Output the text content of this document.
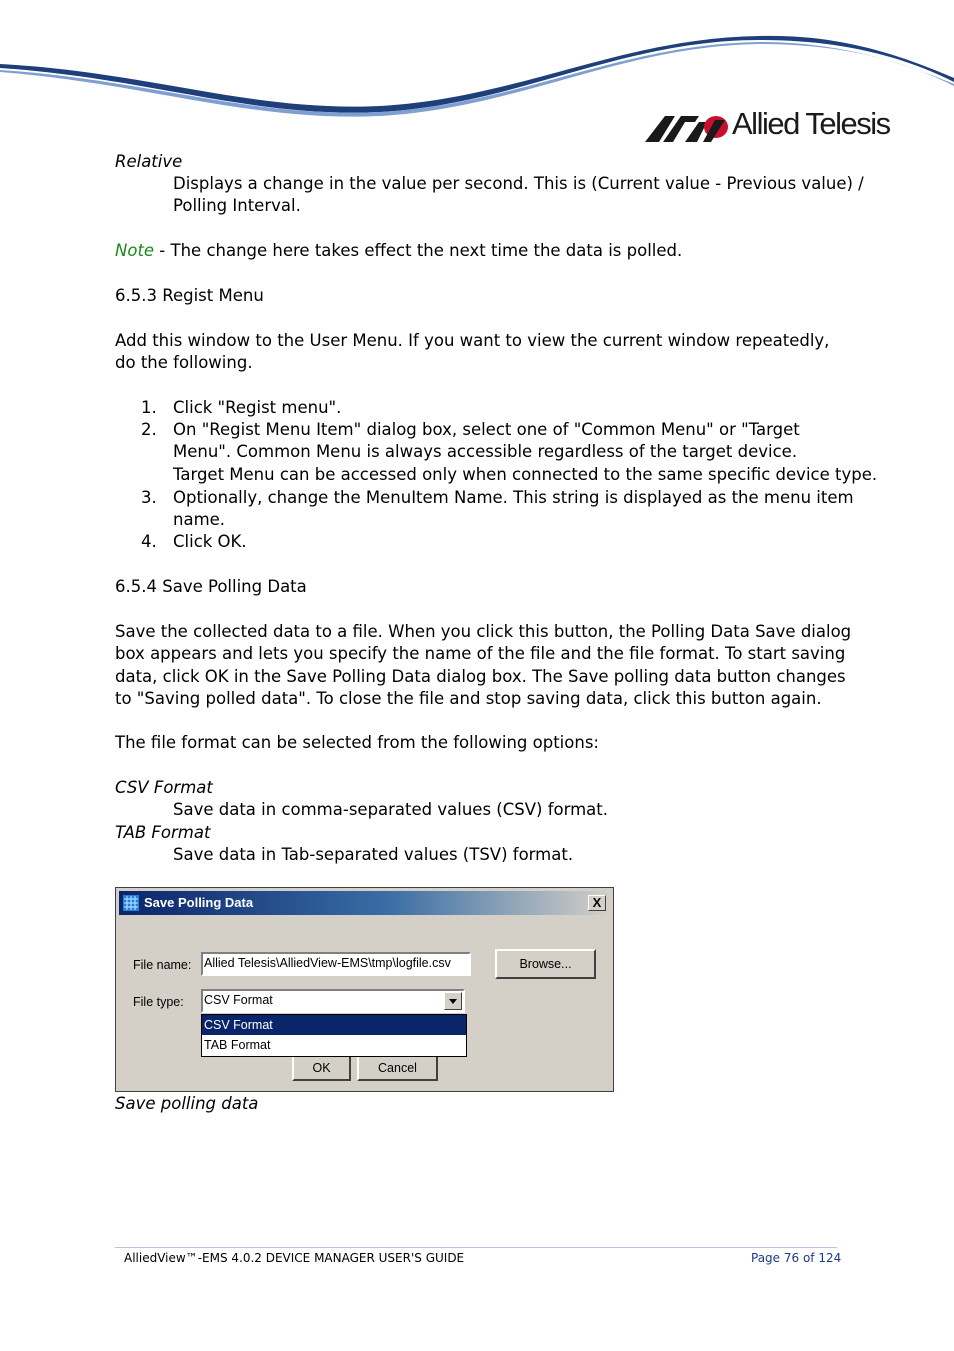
Allied Telesis
Relative
Displays a change in the value per second. This is (Current value - Previous value) /
Polling Interval.
Note - The change here takes effect the next time the data is polled.
6.5.3 Regist Menu
Add this window to the User Menu. If you want to view the current window repeatedly,
do the following.
1. Click "Regist menu".
2. On "Regist Menu Item" dialog box, select one of "Common Menu" or "Target
Menu". Common Menu is always accessible regardless of the target device.
Target Menu can be accessed only when connected to the same specific device type.
3. Optionally, change the MenuItem Name. This string is displayed as the menu item
name.
4. Click OK.
6.5.4 Save Polling Data
Save the collected data to a file. When you click this button, the Polling Data Save dialog
box appears and lets you specify the name of the file and the file format. To start saving
data, click OK in the Save Polling Data dialog box. The Save polling data button changes
to "Saving polled data". To close the file and stop saving data, click this button again.
The file format can be selected from the following options:
CSV Format
Save data in comma-separated values (CSV) format.
TAB Format
Save data in Tab-separated values (TSV) format.
Save Polling Data	X
File name: Allied Telesis\AlliedView-EMS\tmp\logfile.csv	Browse...
File type: CSV Format
OK	Cancel
CSV Format
TAB Format
Save polling data
AlliedView™-EMS 4.0.2 DEVICE MANAGER USER'S GUIDE	Page 76 of 124
